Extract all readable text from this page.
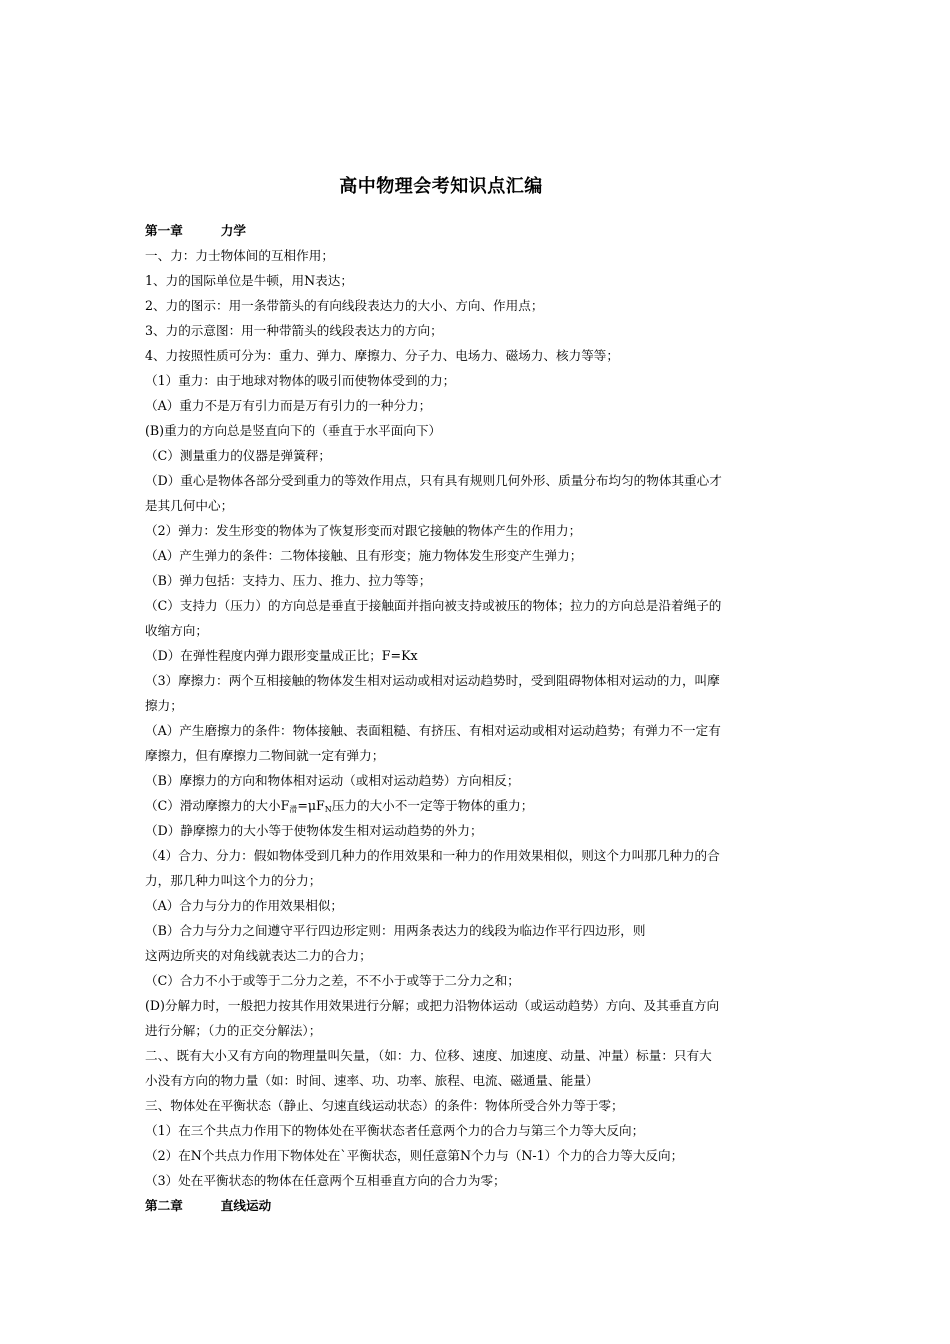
高中物理会考知识点汇编
第一章	力学
一、力：力士物体间的互相作用；
1、力的国际单位是牛顿，用N表达；
2、力的图示：用一条带箭头的有向线段表达力的大小、方向、作用点；
3、力的示意图：用一种带箭头的线段表达力的方向；
4、力按照性质可分为：重力、弹力、摩擦力、分子力、电场力、磁场力、核力等等；
（1）重力：由于地球对物体的吸引而使物体受到的力；
（A）重力不是万有引力而是万有引力的一种分力；
(B)重力的方向总是竖直向下的（垂直于水平面向下）
（C）测量重力的仪器是弹簧秤；
（D）重心是物体各部分受到重力的等效作用点，只有具有规则几何外形、质量分布均匀的物体其重心才
是其几何中心；
（2）弹力：发生形变的物体为了恢复形变而对跟它接触的物体产生的作用力；
（A）产生弹力的条件：二物体接触、且有形变；施力物体发生形变产生弹力；
（B）弹力包括：支持力、压力、推力、拉力等等；
（C）支持力（压力）的方向总是垂直于接触面并指向被支持或被压的物体；拉力的方向总是沿着绳子的
收缩方向；
（D）在弹性程度内弹力跟形变量成正比；F=Kx
（3）摩擦力：两个互相接触的物体发生相对运动或相对运动趋势时，受到阻碍物体相对运动的力，叫摩
擦力；
（A）产生磨擦力的条件：物体接触、表面粗糙、有挤压、有相对运动或相对运动趋势；有弹力不一定有
摩擦力，但有摩擦力二物间就一定有弹力；
（B）摩擦力的方向和物体相对运动（或相对运动趋势）方向相反；
（C）滑动摩擦力的大小$F_滑=\mu F_N$压力的大小不一定等于物体的重力；
（D）静摩擦力的大小等于使物体发生相对运动趋势的外力；
（4）合力、分力：假如物体受到几种力的作用效果和一种力的作用效果相似，则这个力叫那几种力的合
力，那几种力叫这个力的分力；
（A）合力与分力的作用效果相似；
（B）合力与分力之间遵守平行四边形定则：用两条表达力的线段为临边作平行四边形，则
这两边所夹的对角线就表达二力的合力；
（C）合力不小于或等于二分力之差，不不小于或等于二分力之和；
(D)分解力时，一般把力按其作用效果进行分解；或把力沿物体运动（或运动趋势）方向、及其垂直方向
进行分解；（力的正交分解法）；
二、、既有大小又有方向的物理量叫矢量，（如：力、位移、速度、加速度、动量、冲量）标量：只有大
小没有方向的物力量（如：时间、速率、功、功率、旅程、电流、磁通量、能量）
三、物体处在平衡状态（静止、匀速直线运动状态）的条件：物体所受合外力等于零；
（1）在三个共点力作用下的物体处在平衡状态者任意两个力的合力与第三个力等大反向；
（2）在N个共点力作用下物体处在`平衡状态，则任意第N个力与（N-1）个力的合力等大反向；
（3）处在平衡状态的物体在任意两个互相垂直方向的合力为零；
第二章	直线运动
